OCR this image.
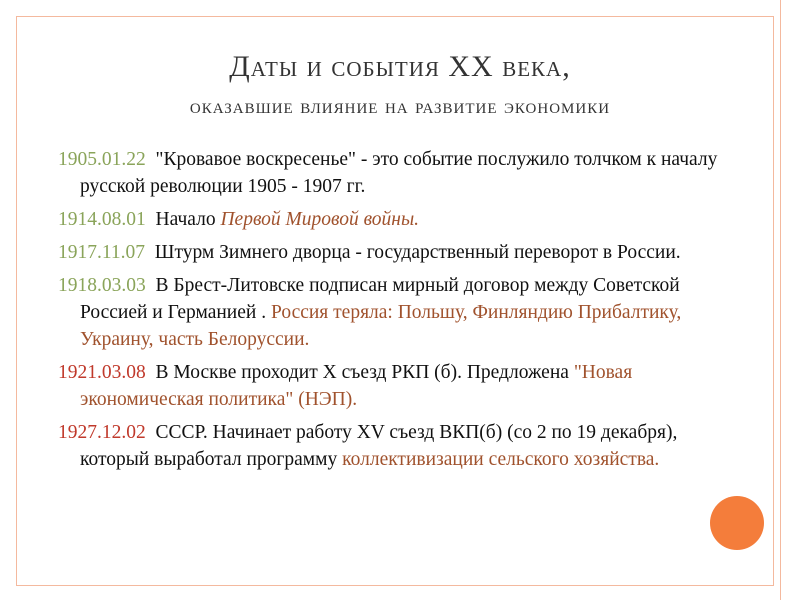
Даты и события XX века,
оказавшие влияние на развитие экономики
1905.01.22 "Кровавое воскресенье" - это событие послужило толчком к началу русской революции 1905 - 1907 гг.
1914.08.01 Начало Первой Мировой войны.
1917.11.07 Штурм Зимнего дворца - государственный переворот в России.
1918.03.03 В Брест-Литовске подписан мирный договор между Советской Россией и Германией . Россия теряла: Польшу, Финляндию Прибалтику, Украину, часть Белоруссии.
1921.03.08 В Москве проходит X съезд РКП (б). Предложена "Новая экономическая политика" (НЭП).
1927.12.02 СССР. Начинает работу XV съезд ВКП(б) (со 2 по 19 декабря), который выработал программу коллективизации сельского хозяйства.
